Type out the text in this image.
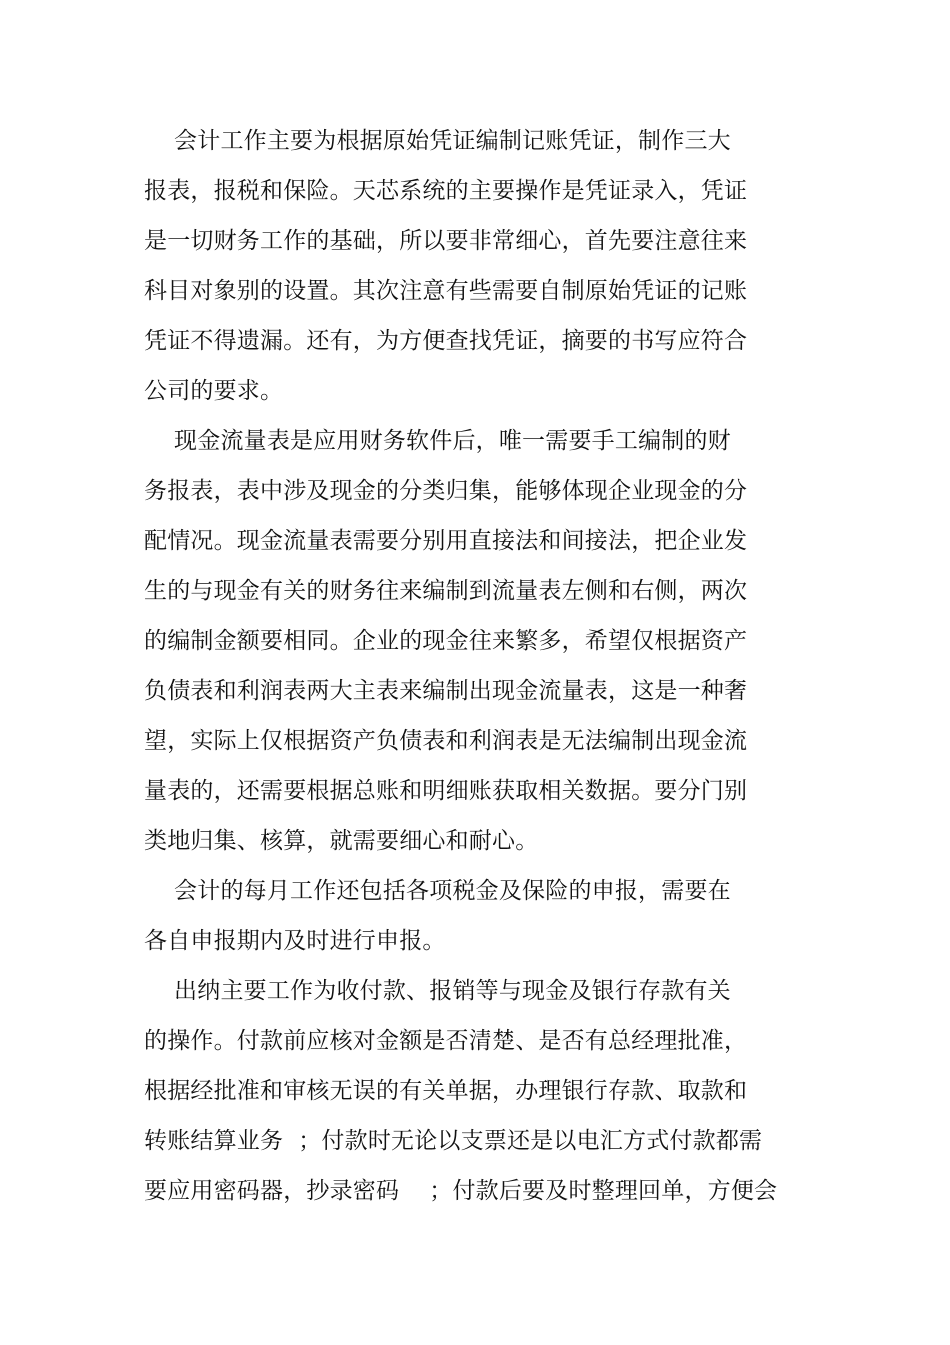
会计工作主要为根据原始凭证编制记账凭证，制作三大
报表，报税和保险。天芯系统的主要操作是凭证录入，凭证
是一切财务工作的基础，所以要非常细心，首先要注意往来
科目对象别的设置。其次注意有些需要自制原始凭证的记账
凭证不得遗漏。还有，为方便查找凭证，摘要的书写应符合
公司的要求。
现金流量表是应用财务软件后，唯一需要手工编制的财
务报表，表中涉及现金的分类归集，能够体现企业现金的分
配情况。现金流量表需要分别用直接法和间接法，把企业发
生的与现金有关的财务往来编制到流量表左侧和右侧，两次
的编制金额要相同。企业的现金往来繁多，希望仅根据资产
负债表和利润表两大主表来编制出现金流量表，这是一种奢
望，实际上仅根据资产负债表和利润表是无法编制出现金流
量表的，还需要根据总账和明细账获取相关数据。要分门别
类地归集、核算，就需要细心和耐心。
会计的每月工作还包括各项税金及保险的申报，需要在
各自申报期内及时进行申报。
出纳主要工作为收付款、报销等与现金及银行存款有关
的操作。付款前应核对金额是否清楚、是否有总经理批准，
根据经批准和审核无误的有关单据，办理银行存款、取款和
转账结算业务  ；付款时无论以支票还是以电汇方式付款都需
要应用密码器，抄录密码    ；付款后要及时整理回单，方便会
